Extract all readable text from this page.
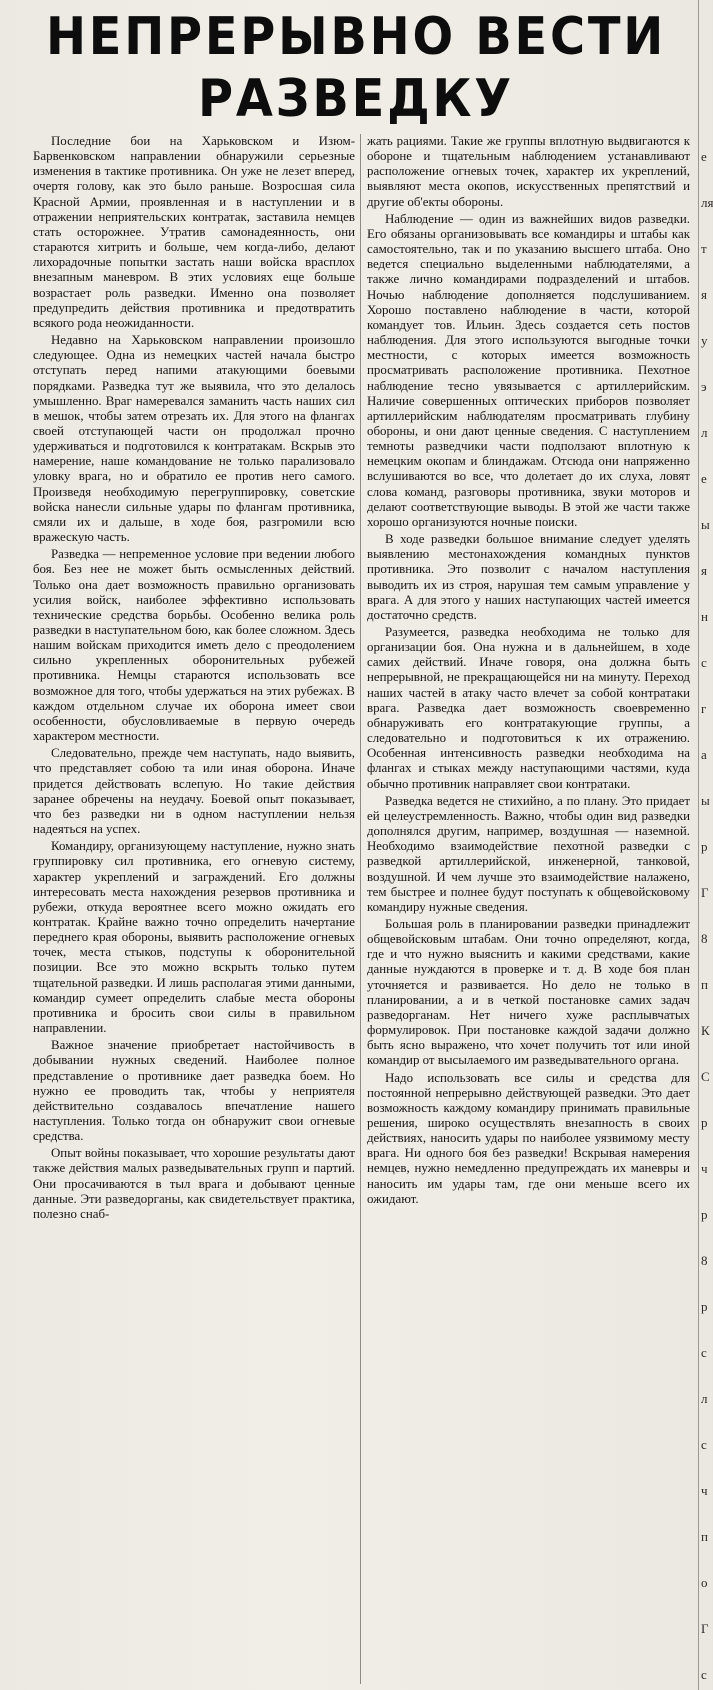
НЕПРЕРЫВНО ВЕСТИ
РАЗВЕДКУ

Последние бои на Харьковском и Изюм-Барвенковском направлении обнаружили серьезные изменения в тактике противника. Он уже не лезет вперед, очертя голову, как это было раньше. Возросшая сила Красной Армии, проявленная и в наступлении и в отражении неприятельских контратак, заставила немцев стать осторожнее. Утратив самонадеянность, они стараются хитрить и больше, чем когда-либо, делают лихорадочные попытки застать наши войска врасплох внезапным маневром. В этих условиях еще больше возрастает роль разведки. Именно она позволяет предупредить действия противника и предотвратить всякого рода неожиданности.

Недавно на Харьковском направлении произошло следующее. Одна из немецких частей начала быстро отступать перед напими атакующими боевыми порядками. Разведка тут же выявила, что это делалось умышленно. Враг намеревался заманить часть наших сил в мешок, чтобы затем отрезать их. Для этого на флангах своей отступающей части он продолжал прочно удерживаться и подготовился к контратакам. Вскрыв это намерение, наше командование не только парализовало уловку врага, но и обратило ее против него самого. Произведя необходимую перегруппировку, советские войска нанесли сильные удары по флангам противника, смяли их и дальше, в ходе боя, разгромили всю вражескую часть.

Разведка — непременное условие при ведении любого боя. Без нее не может быть осмысленных действий. Только она дает возможность правильно организовать усилия войск, наиболее эффективно использовать технические средства борьбы. Особенно велика роль разведки в наступательном бою, как более сложном. Здесь нашим войскам приходится иметь дело с преодолением сильно укрепленных оборонительных рубежей противника. Немцы стараются использовать все возможное для того, чтобы удержаться на этих рубежах. В каждом отдельном случае их оборона имеет свои особенности, обусловливаемые в первую очередь характером местности.

Следовательно, прежде чем наступать, надо выявить, что представляет собою та или иная оборона. Иначе придется действовать вслепую. Но такие действия заранее обречены на неудачу. Боевой опыт показывает, что без разведки ни в одном наступлении нельзя надеяться на успех.

Командиру, организующему наступление, нужно знать группировку сил противника, его огневую систему, характер укреплений и заграждений. Его должны интересовать места нахождения резервов противника и рубежи, откуда вероятнее всего можно ожидать его контратак. Крайне важно точно определить начертание переднего края обороны, выявить расположение огневых точек, места стыков, подступы к оборонительной позиции. Все это можно вскрыть только путем тщательной разведки. И лишь располагая этими данными, командир сумеет определить слабые места обороны противника и бросить свои силы в правильном направлении.

Важное значение приобретает настойчивость в добывании нужных сведений. Наиболее полное представление о противнике дает разведка боем. Но нужно ее проводить так, чтобы у неприятеля действительно создавалось впечатление нашего наступления. Только тогда он обнаружит свои огневые средства.

Опыт войны показывает, что хорошие результаты дают также действия малых разведывательных групп и партий. Они просачиваются в тыл врага и добывают ценные данные. Эти разведорганы, как свидетельствует практика, полезно снаб-

жать рациями. Такие же группы вплотную выдвигаются к обороне и тщательным наблюдением устанавливают расположение огневых точек, характер их укреплений, выявляют места окопов, искусственных препятствий и другие об'екты обороны.

Наблюдение — один из важнейших видов разведки. Его обязаны организовывать все командиры и штабы как самостоятельно, так и по указанию высшего штаба. Оно ведется специально выделенными наблюдателями, а также лично командирами подразделений и штабов. Ночью наблюдение дополняется подслушиванием. Хорошо поставлено наблюдение в части, которой командует тов. Ильин. Здесь создается сеть постов наблюдения. Для этого используются выгодные точки местности, с которых имеется возможность просматривать расположение противника. Пехотное наблюдение тесно увязывается с артиллерийским. Наличие совершенных оптических приборов позволяет артиллерийским наблюдателям просматривать глубину обороны, и они дают ценные сведения. С наступлением темноты разведчики части подползают вплотную к немецким окопам и блиндажам. Отсюда они напряженно вслушиваются во все, что долетает до их слуха, ловят слова команд, разговоры противника, звуки моторов и делают соответствующие выводы. В этой же части также хорошо организуются ночные поиски.

В ходе разведки большое внимание следует уделять выявлению местонахождения командных пунктов противника. Это позволит с началом наступления выводить их из строя, нарушая тем самым управление у врага. А для этого у наших наступающих частей имеется достаточно средств.

Разумеется, разведка необходима не только для организации боя. Она нужна и в дальнейшем, в ходе самих действий. Иначе говоря, она должна быть непрерывной, не прекращающейся ни на минуту. Переход наших частей в атаку часто влечет за собой контратаки врага. Разведка дает возможность своевременно обнаруживать его контратакующие группы, а следовательно и подготовиться к их отражению. Особенная интенсивность разведки необходима на флангах и стыках между наступающими частями, куда обычно противник направляет свои контратаки.

Разведка ведется не стихийно, а по плану. Это придает ей целеустремленность. Важно, чтобы один вид разведки дополнялся другим, например, воздушная — наземной. Необходимо взаимодействие пехотной разведки с разведкой артиллерийской, инженерной, танковой, воздушной. И чем лучше это взаимодействие налажено, тем быстрее и полнее будут поступать к общевойсковому командиру нужные сведения.

Большая роль в планировании разведки принадлежит общевойсковым штабам. Они точно определяют, когда, где и что нужно выяснить и какими средствами, какие данные нуждаются в проверке и т. д. В ходе боя план уточняется и развивается. Но дело не только в планировании, а и в четкой постановке самих задач разведорганам. Нет ничего хуже расплывчатых формулировок. При постановке каждой задачи должно быть ясно выражено, что хочет получить тот или иной командир от высылаемого им разведывательного органа.

Надо использовать все силы и средства для постоянной непрерывно действующей разведки. Это дает возможность каждому командиру принимать правильные решения, широко осуществлять внезапность в своих действиях, наносить удары по наиболее уязвимому месту врага. Ни одного боя без разведки! Вскрывая намерения немцев, нужно немедленно предупреждать их маневры и наносить им удары там, где они меньше всего их ожидают.

е
ля
т
я
у
э
л
е
ы
я
н
с
г
а
ы
р
Г
8
п
К
С
р
ч
р
8
р
с
л
с
ч
п
о
Г
с
